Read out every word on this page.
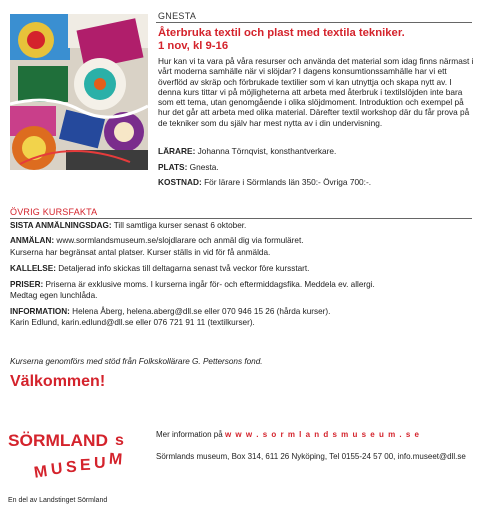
GNESTA
Återbruka textil och plast med textila tekniker.
1 nov, kl 9-16
Hur kan vi ta vara på våra resurser och använda det material som idag finns närmast i vårt moderna samhälle när vi slöjdar? I dagens konsumtionssamhälle har vi ett överflöd av skräp och förbrukade textilier som vi kan utnyttja och skapa nytt av. I denna kurs tittar vi på möjligheterna att arbeta med återbruk i textilslöjden inte bara som ett tema, utan genomgående i olika slöjdmoment. Introduktion och exempel på hur det går att arbeta med olika material. Därefter textil workshop där du får prova på de tekniker som du själv har mest nytta av i din undervisning.
LÄRARE: Johanna Törnqvist, konsthantverkare.
PLATS: Gnesta.
KOSTNAD: För lärare i Sörmlands län 350:- Övriga 700:-.
ÖVRIG KURSFAKTA
SISTA ANMÄLNINGSDAG: Till samtliga kurser senast 6 oktober.
ANMÄLAN: www.sormlandsmuseum.se/slojdlarare och anmäl dig via formuläret.
Kurserna har begränsat antal platser. Kurser ställs in vid för få anmälda.
KALLELSE: Detaljerad info skickas till deltagarna senast två veckor före kursstart.
PRISER: Priserna är exklusive moms. I kurserna ingår för- och eftermiddagsfika. Meddela ev. allergi.
Medtag egen lunchlåda.
INFORMATION: Helena Åberg, helena.aberg@dll.se eller 070 946 15 26 (hårda kurser).
Karin Edlund, karin.edlund@dll.se eller 076 721 91 11 (textilkurser).
Kurserna genomförs med stöd från Folkskollärare G. Pettersons fond.
Välkommen!
SÖRMLAND s
M U S E U M
En del av Landstinget Sörmland
Mer information på w w w . s o r m l a n d s m u s e u m . s e
Sörmlands museum, Box 314, 611 26 Nyköping, Tel 0155-24 57 00, info.museet@dll.se
